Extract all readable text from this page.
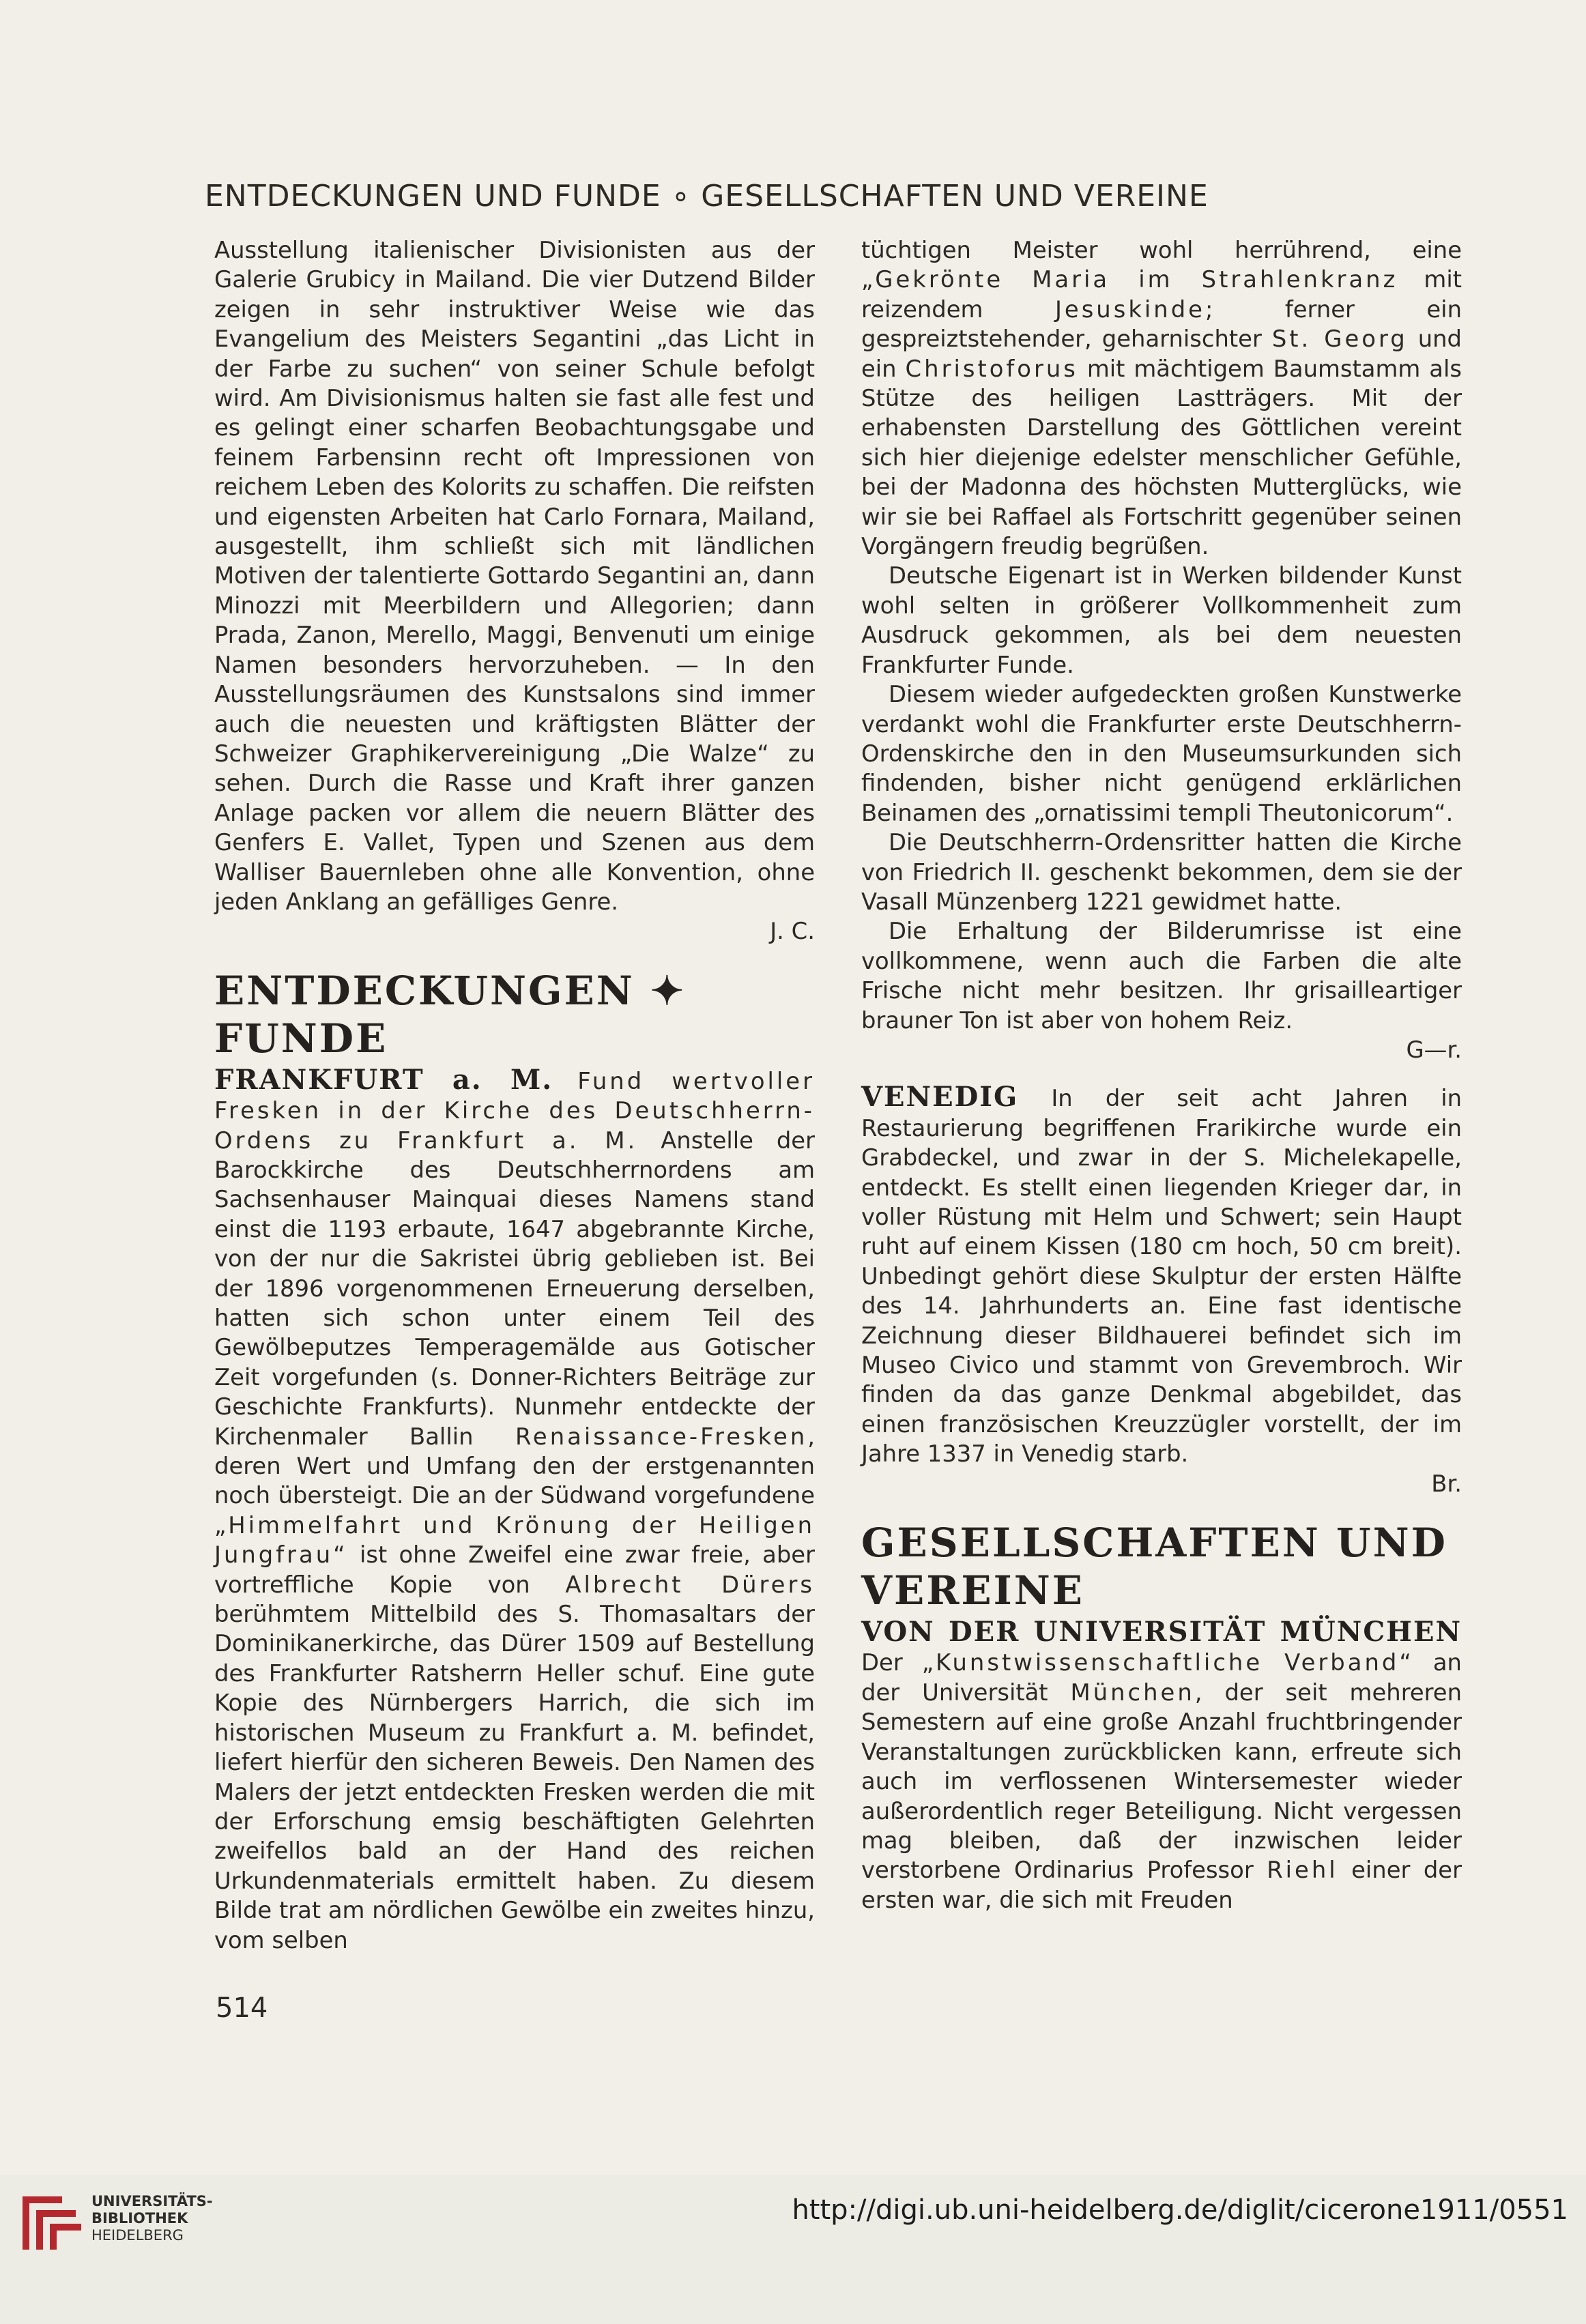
ENTDECKUNGEN UND FUNDE ∘ GESELLSCHAFTEN UND VEREINE

Ausstellung italienischer Divisionisten aus der Galerie Grubicy in Mailand. Die vier Dutzend Bilder zeigen in sehr instruktiver Weise wie das Evangelium des Meisters Segantini „das Licht in der Farbe zu suchen“ von seiner Schule befolgt wird. Am Divisionismus halten sie fast alle fest und es gelingt einer scharfen Beobachtungsgabe und feinem Farbensinn recht oft Impressionen von reichem Leben des Kolorits zu schaffen. Die reifsten und eigensten Arbeiten hat Carlo Fornara, Mailand, ausgestellt, ihm schließt sich mit ländlichen Motiven der talentierte Gottardo Segantini an, dann Minozzi mit Meerbildern und Allegorien; dann Prada, Zanon, Merello, Maggi, Benvenuti um einige Namen besonders hervorzuheben. — In den Ausstellungsräumen des Kunstsalons sind immer auch die neuesten und kräftigsten Blätter der Schweizer Graphikervereinigung „Die Walze“ zu sehen. Durch die Rasse und Kraft ihrer ganzen Anlage packen vor allem die neuern Blätter des Genfers E. Vallet, Typen und Szenen aus dem Walliser Bauernleben ohne alle Konvention, ohne jeden Anklang an gefälliges Genre.
J. C.

ENTDECKUNGEN ✦ FUNDE

FRANKFURT a. M. Fund wertvoller Fresken in der Kirche des Deutschherrn-Ordens zu Frankfurt a. M. Anstelle der Barockkirche des Deutschherrnordens am Sachsenhauser Mainquai dieses Namens stand einst die 1193 erbaute, 1647 abgebrannte Kirche, von der nur die Sakristei übrig geblieben ist. Bei der 1896 vorgenommenen Erneuerung derselben, hatten sich schon unter einem Teil des Gewölbeputzes Temperagemälde aus Gotischer Zeit vorgefunden (s. Donner-Richters Beiträge zur Geschichte Frankfurts). Nunmehr entdeckte der Kirchenmaler Ballin Renaissance-Fresken, deren Wert und Umfang den der erstgenannten noch übersteigt. Die an der Südwand vorgefundene „Himmelfahrt und Krönung der Heiligen Jungfrau“ ist ohne Zweifel eine zwar freie, aber vortreffliche Kopie von Albrecht Dürers berühmtem Mittelbild des S. Thomasaltars der Dominikanerkirche, das Dürer 1509 auf Bestellung des Frankfurter Ratsherrn Heller schuf. Eine gute Kopie des Nürnbergers Harrich, die sich im historischen Museum zu Frankfurt a. M. befindet, liefert hierfür den sicheren Beweis. Den Namen des Malers der jetzt entdeckten Fresken werden die mit der Erforschung emsig beschäftigten Gelehrten zweifellos bald an der Hand des reichen Urkundenmaterials ermittelt haben. Zu diesem Bilde trat am nördlichen Gewölbe ein zweites hinzu, vom selben

tüchtigen Meister wohl herrührend, eine „Gekrönte Maria im Strahlenkranz mit reizendem	Jesuskinde; ferner ein gespreiztstehender, geharnischter St. Georg und ein Christoforus mit mächtigem Baumstamm als Stütze des heiligen Lastträgers. Mit der erhabensten Darstellung des Göttlichen vereint sich hier diejenige edelster menschlicher Gefühle, bei der Madonna des höchsten Mutterglücks, wie wir sie bei Raffael als Fortschritt gegenüber seinen Vorgängern freudig begrüßen.

Deutsche Eigenart ist in Werken bildender Kunst wohl selten in größerer Vollkommenheit zum Ausdruck gekommen, als bei dem neuesten Frankfurter Funde.

Diesem wieder aufgedeckten großen Kunstwerke verdankt wohl die Frankfurter erste Deutschherrn-Ordenskirche den in den Museumsurkunden sich findenden, bisher nicht genügend erklärlichen Beinamen des „ornatissimi templi Theutonicorum“.

Die Deutschherrn-Ordensritter hatten die Kirche von Friedrich II. geschenkt bekommen, dem sie der Vasall Münzenberg 1221 gewidmet hatte.

Die Erhaltung der Bilderumrisse ist eine vollkommene, wenn auch die Farben die alte Frische nicht mehr besitzen. Ihr grisailleartiger brauner Ton ist aber von hohem Reiz.
G—r.

VENEDIG In der seit acht Jahren in Restaurierung begriffenen Frarikirche wurde ein Grabdeckel, und zwar in der S. Michelekapelle, entdeckt. Es stellt einen liegenden Krieger dar, in voller Rüstung mit Helm und Schwert; sein Haupt ruht auf einem Kissen (180 cm hoch, 50 cm breit). Unbedingt gehört diese Skulptur der ersten Hälfte des 14. Jahrhunderts an. Eine fast identische Zeichnung dieser Bildhauerei befindet sich im Museo Civico und stammt von Grevembroch. Wir finden da das ganze Denkmal abgebildet, das einen französischen Kreuzzügler vorstellt, der im Jahre 1337 in Venedig starb.
Br.

GESELLSCHAFTEN UND VEREINE

VON DER UNIVERSITÄT MÜNCHEN Der „Kunstwissenschaftliche Verband“ an der Universität München, der seit mehreren Semestern auf eine große Anzahl fruchtbringender Veranstaltungen zurückblicken kann, erfreute sich auch im verflossenen Wintersemester wieder außerordentlich reger Beteiligung. Nicht vergessen mag bleiben, daß der inzwischen leider verstorbene Ordinarius Professor Riehl einer der ersten war, die sich mit Freuden

514
UNIVERSITÄTS-
BIBLIOTHEK
HEIDELBERG
http://digi.ub.uni-heidelberg.de/diglit/cicerone1911/0551
